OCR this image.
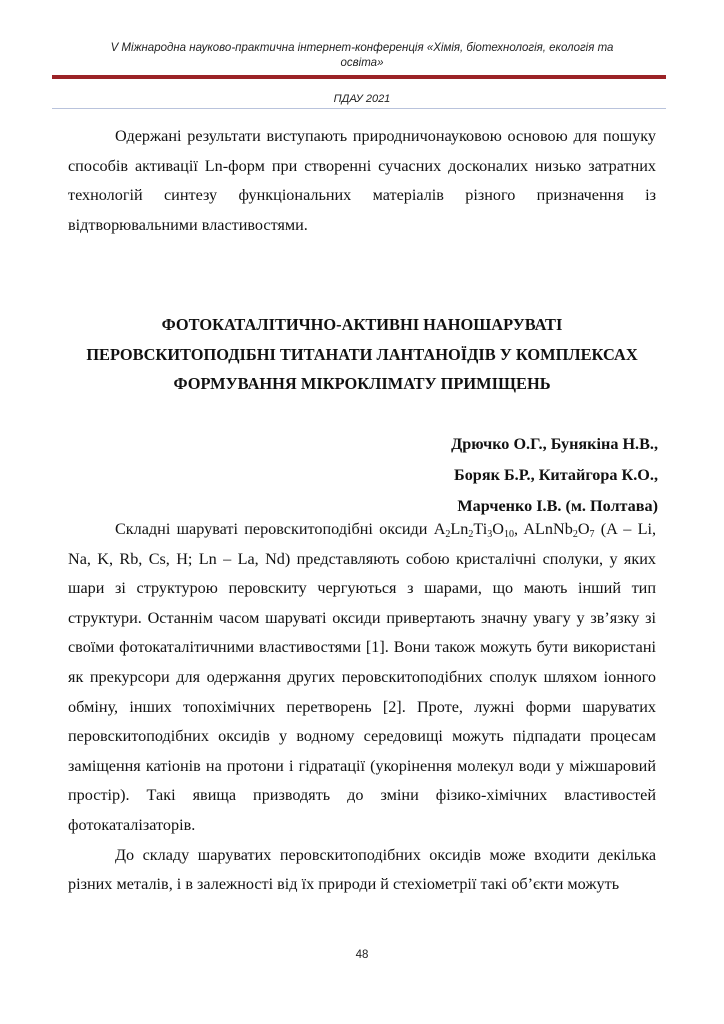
V Міжнародна науково-практична інтернет-конференція «Хімія, біотехнологія, екологія та
освіта»
ПДАУ 2021

Одержані результати виступають природничонауковою основою для пошуку способів активації Ln-форм при створенні сучасних досконалих низько затратних технологій синтезу функціональних матеріалів різного призначення із відтворювальними властивостями.

ФОТОКАТАЛІТИЧНО-АКТИВНІ НАНОШАРУВАТІ
ПЕРОВСКИТОПОДІБНІ ТИТАНАТИ ЛАНТАНОЇДІВ У КОМПЛЕКСАХ
ФОРМУВАННЯ МІКРОКЛІМАТУ ПРИМІЩЕНЬ
Дрючко О.Г., Бунякіна Н.В.,
Боряк Б.Р., Китайгора К.О.,
Марченко І.В. (м. Полтава)

Складні шаруваті перовскитоподібні оксиди $A_2Ln_2Ti_3O_{10}$, $ALnNb_2O_7$ (A – Li, Na, K, Rb, Cs, H; Ln – La, Nd) представляють собою кристалічні сполуки, у яких шари зі структурою перовскиту чергуються з шарами, що мають інший тип структури. Останнім часом шаруваті оксиди привертають значну увагу у зв’язку зі своїми фотокаталітичними властивостями [1]. Вони також можуть бути використані як прекурсори для одержання других перовскитоподібних сполук шляхом іонного обміну, інших топохімічних перетворень [2]. Проте, лужні форми шаруватих перовскитоподібних оксидів у водному середовищі можуть підпадати процесам заміщення катіонів на протони і гідратації (укорінення молекул води у міжшаровий простір). Такі явища призводять до зміни фізико-хімічних властивостей фотокаталізаторів.

До складу шаруватих перовскитоподібних оксидів може входити декілька різних металів, і в залежності від їх природи й стехіометрії такі об’єкти можуть

48
